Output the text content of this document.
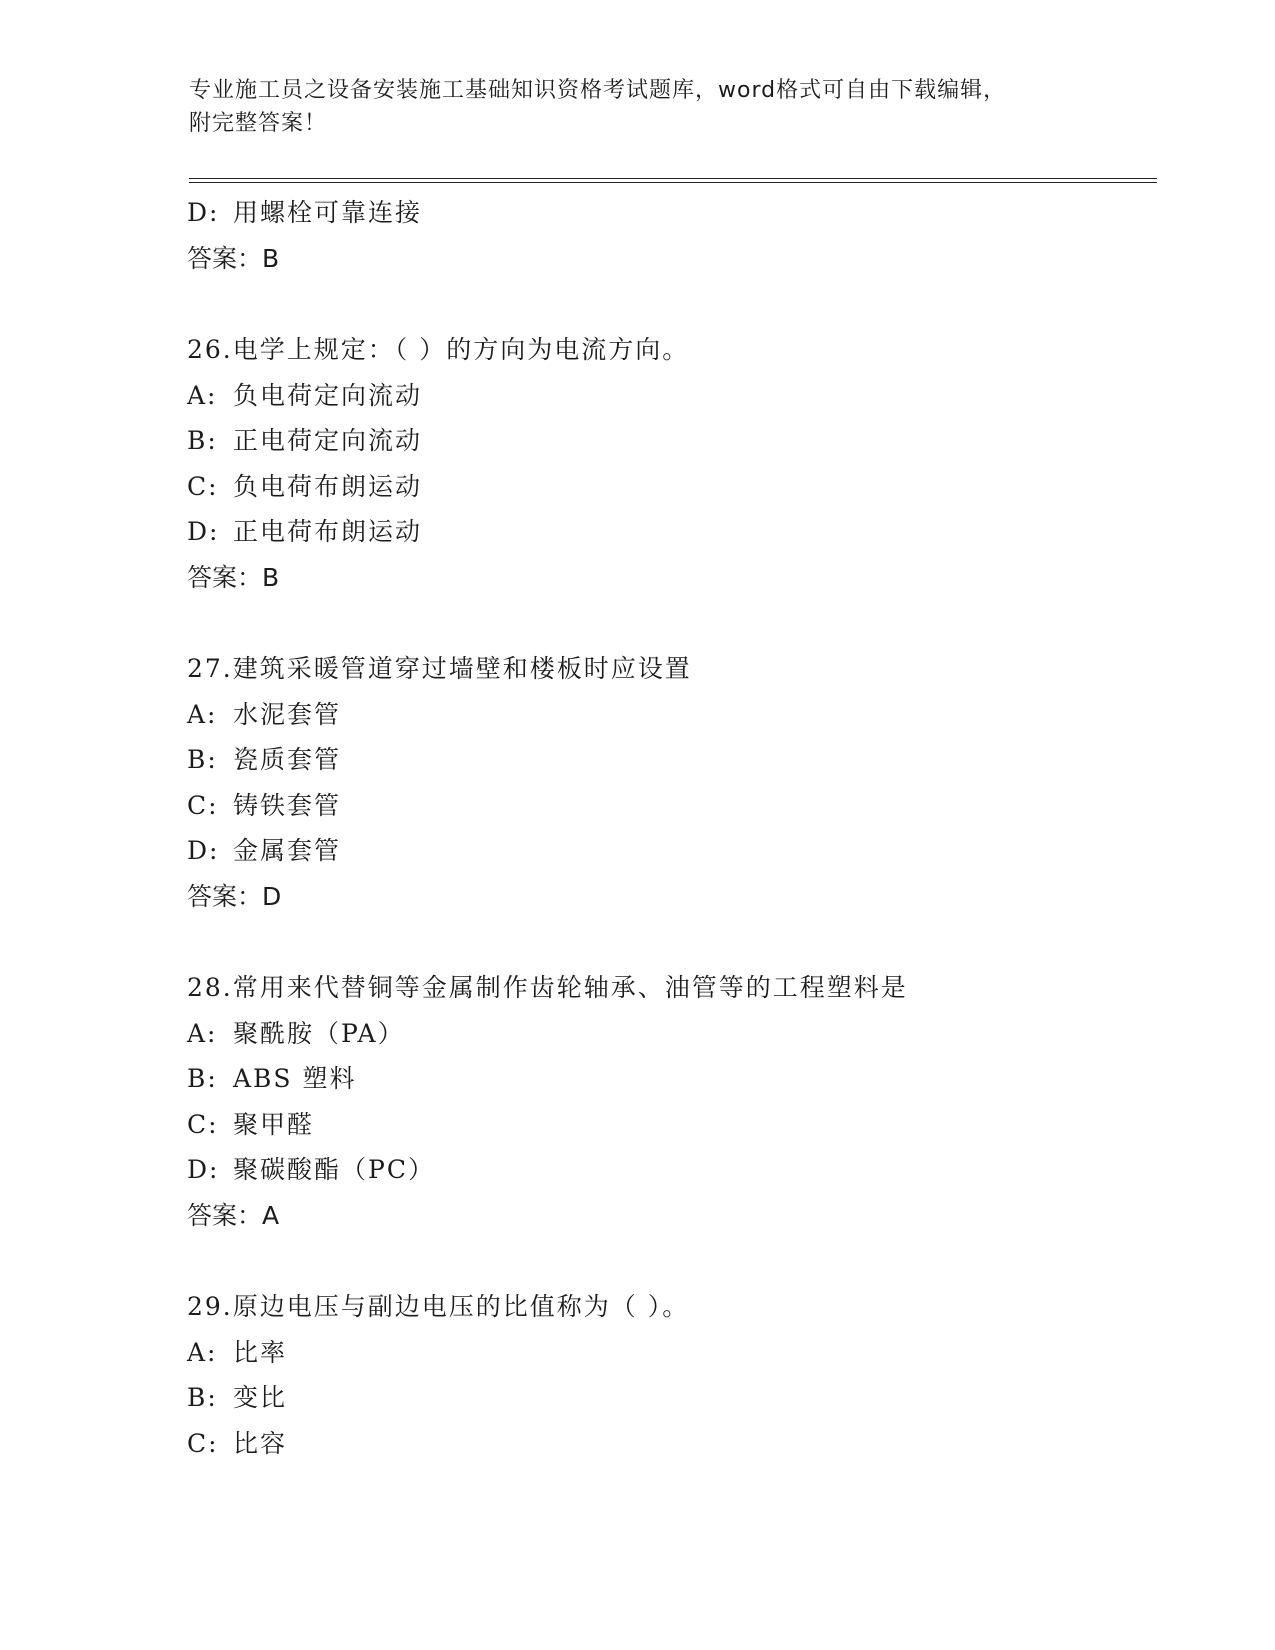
专业施工员之设备安装施工基础知识资格考试题库，word格式可自由下载编辑，
附完整答案！
D: 用螺栓可靠连接
答案：B
26.电学上规定：（ ）的方向为电流方向。
A: 负电荷定向流动
B: 正电荷定向流动
C: 负电荷布朗运动
D: 正电荷布朗运动
答案：B
27.建筑采暖管道穿过墙壁和楼板时应设置
A: 水泥套管
B: 瓷质套管
C: 铸铁套管
D: 金属套管
答案：D
28.常用来代替铜等金属制作齿轮轴承、油管等的工程塑料是
A: 聚酰胺（PA）
B: ABS 塑料
C: 聚甲醛
D: 聚碳酸酯（PC）
答案：A
29.原边电压与副边电压的比值称为（ ）。
A: 比率
B: 变比
C: 比容
